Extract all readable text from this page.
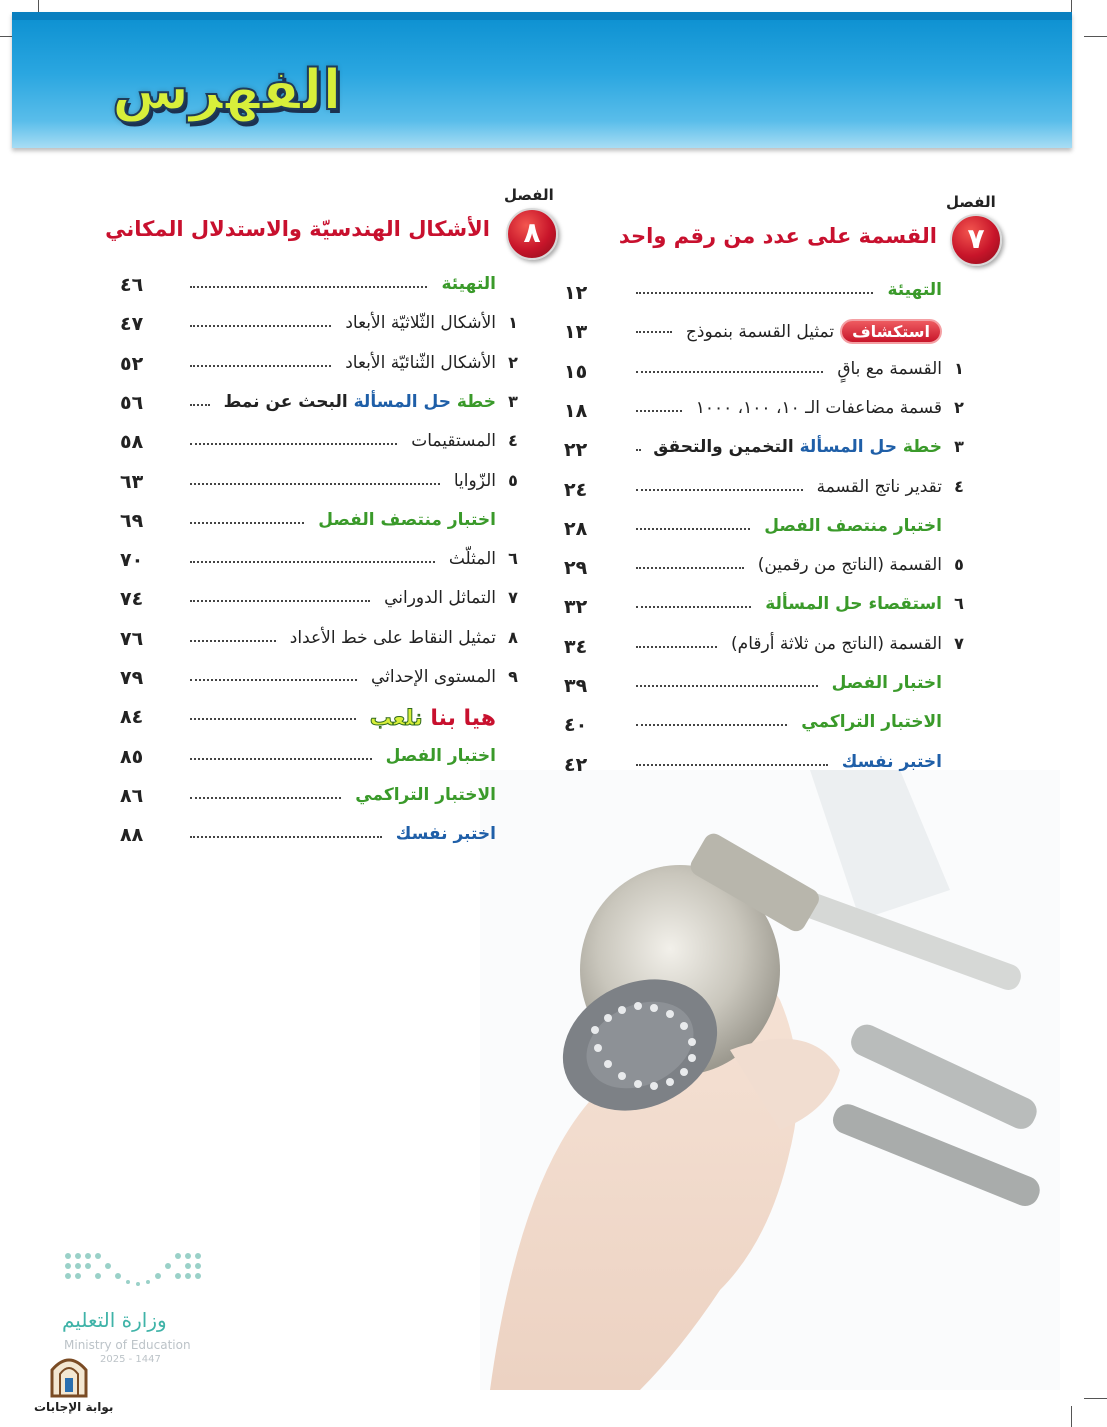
الفهرس
الفصل
٧
القسمة على عدد من رقم واحد
الفصل
٨
الأشكال الهندسيّة والاستدلال المكاني
التهيئة
١٢
استكشافتمثيل القسمة بنموذج
١٣
١
القسمة مع باقٍ
١٥
٢
قسمة مضاعفات الـ ١٠، ١٠٠، ١٠٠٠
١٨
٣
خطة حل المسألة التخمين والتحقق
٢٢
٤
تقدير ناتج القسمة
٢٤
اختبار منتصف الفصل
٢٨
٥
القسمة (الناتج من رقمين)
٢٩
٦
استقصاء حل المسألة
٣٢
٧
القسمة (الناتج من ثلاثة أرقام)
٣٤
اختبار الفصل
٣٩
الاختبار التراكمي
٤٠
اختبر نفسك
٤٢
التهيئة
٤٦
١
الأشكال الثّلاثيّة الأبعاد
٤٧
٢
الأشكال الثّنائيّة الأبعاد
٥٢
٣
خطة حل المسألة البحث عن نمط
٥٦
٤
المستقيمات
٥٨
٥
الزّوايا
٦٣
اختبار منتصف الفصل
٦٩
٦
المثلّث
٧٠
٧
التماثل الدوراني
٧٤
٨
تمثيل النقاط على خط الأعداد
٧٦
٩
المستوى الإحداثي
٧٩
هيا بنا نلعب
٨٤
اختبار الفصل
٨٥
الاختبار التراكمي
٨٦
اختبر نفسك
٨٨
وزارة التعليم
Ministry of Education
2025 - 1447
بوابة الإجابات
